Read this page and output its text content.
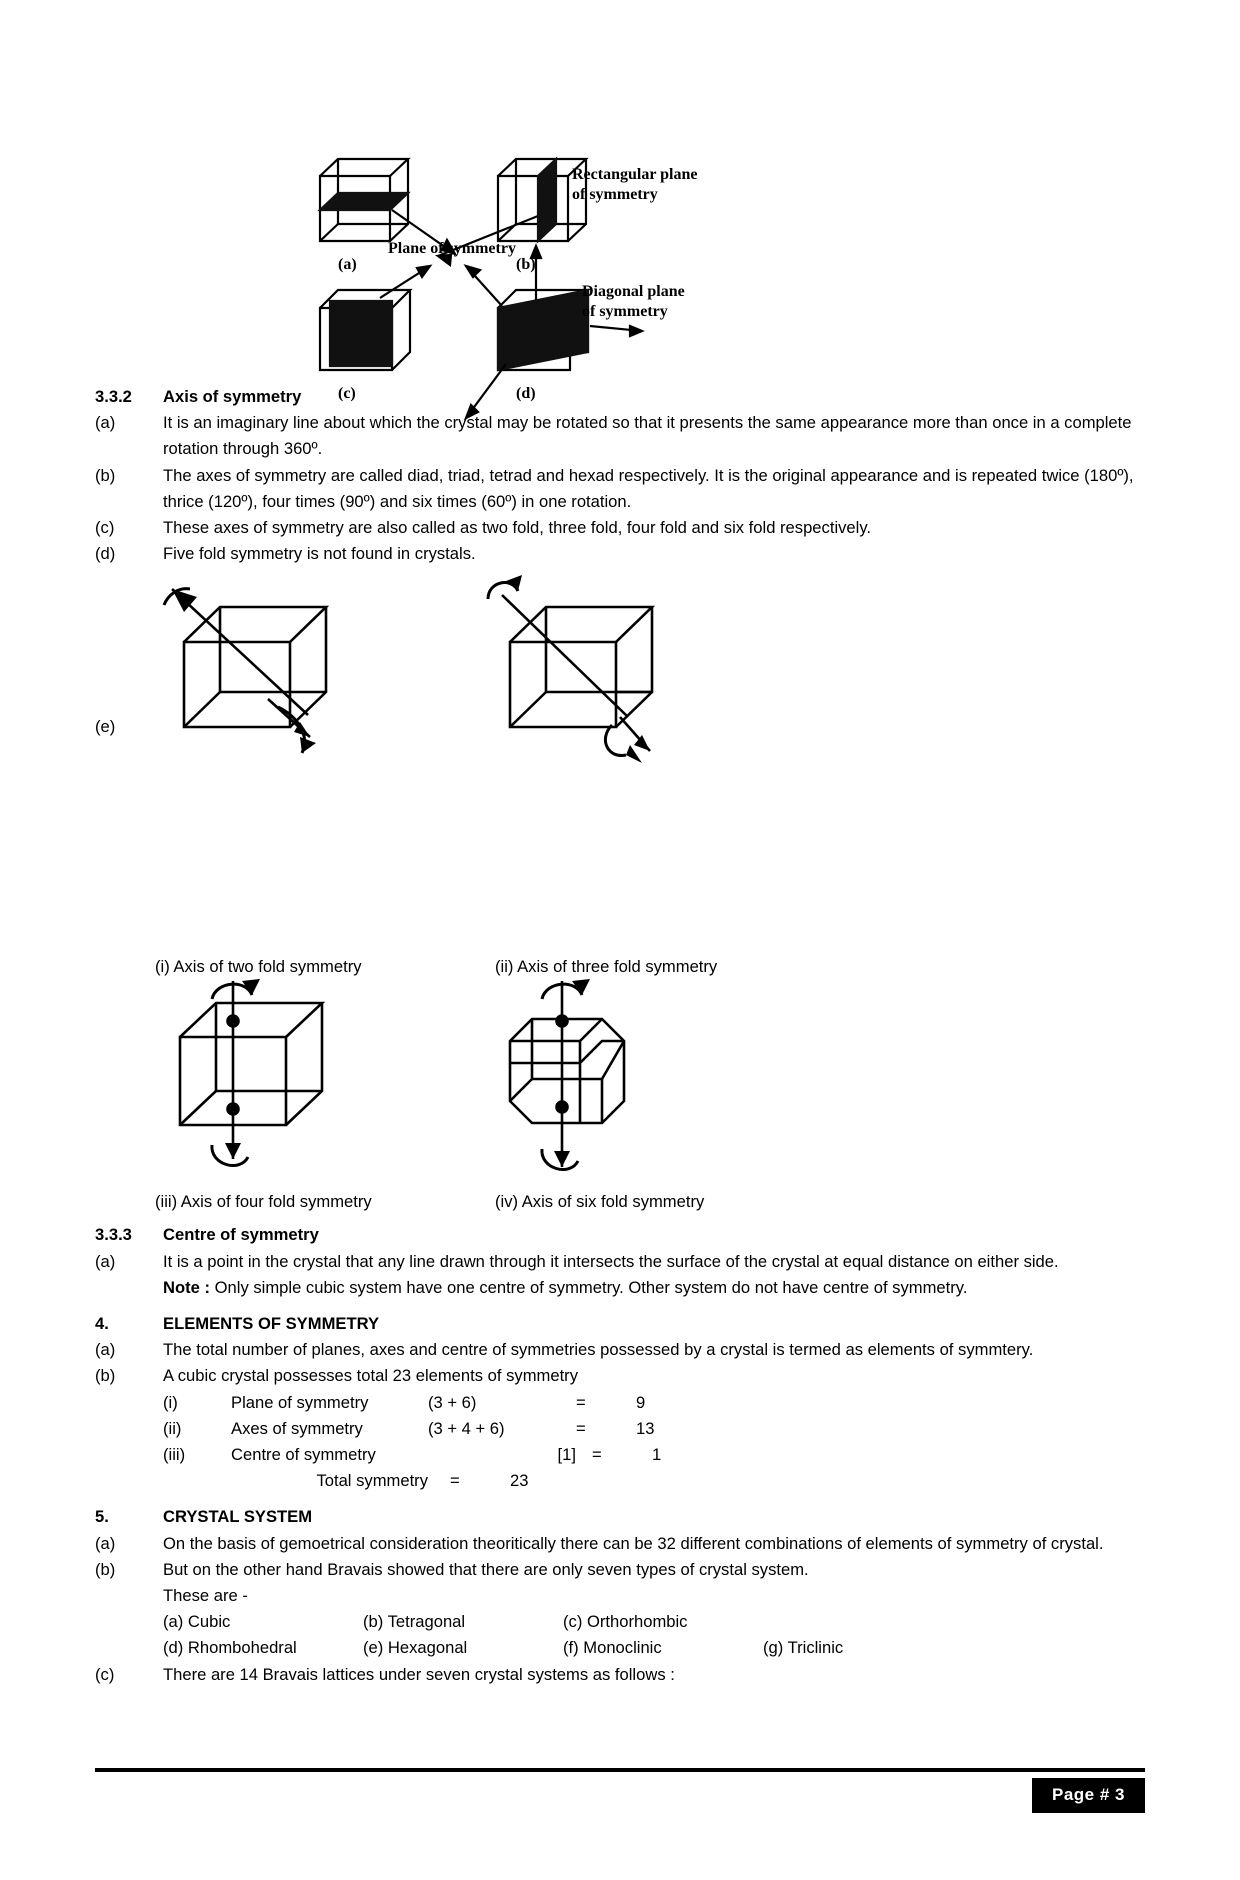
(a)	(b)
(c)	(d)
Rectangular plane
of symmetry
Plane of symmetry
Diagonal plane
of symmetry
3.3.2	Axis of symmetry
(a)	It is an imaginary line about which the crystal may be rotated so that it presents the same appearance more than once in a complete rotation through 360º.
(b)	The axes of symmetry are called diad, triad, tetrad and hexad respectively. It is the original appearance and is repeated twice (180º), thrice (120º), four times (90º) and six times (60º) in one rotation.
(c)	These axes of symmetry are also called as two fold, three fold, four fold and six fold respectively.
(d)	Five fold symmetry is not found in crystals.
(e)
(i) Axis of two fold symmetry	(ii) Axis of three fold symmetry
(iii) Axis of four fold symmetry	(iv) Axis of six fold symmetry
3.3.3	Centre of symmetry
(a)	It is a point in the crystal that any line drawn through it intersects the surface of the crystal at equal distance on either side.
Note : Only simple cubic system have one centre of symmetry. Other system do not have centre of symmetry.
4.	ELEMENTS OF SYMMETRY
(a)	The total number of planes, axes and centre of symmetries possessed by a crystal is termed as elements of symmtery.
(b)	A cubic crystal possesses total 23 elements of symmetry
(i)	Plane of symmetry	(3 + 6)	=	9
(ii)	Axes of symmetry	(3 + 4 + 6)	=	13
(iii)	Centre of symmetry	[1] =	1
Total symmetry	=	23
5.	CRYSTAL SYSTEM
(a)	On the basis of gemoetrical consideration theoritically there can be 32 different combinations of elements of symmetry of crystal.
(b)	But on the other hand Bravais showed that there are only seven types of crystal system.
These are -
(a) Cubic	(b) Tetragonal	(c) Orthorhombic
(d) Rhombohedral	(e) Hexagonal	(f) Monoclinic	(g) Triclinic
(c)	There are 14 Bravais lattices under seven crystal systems as follows :
Page # 3
